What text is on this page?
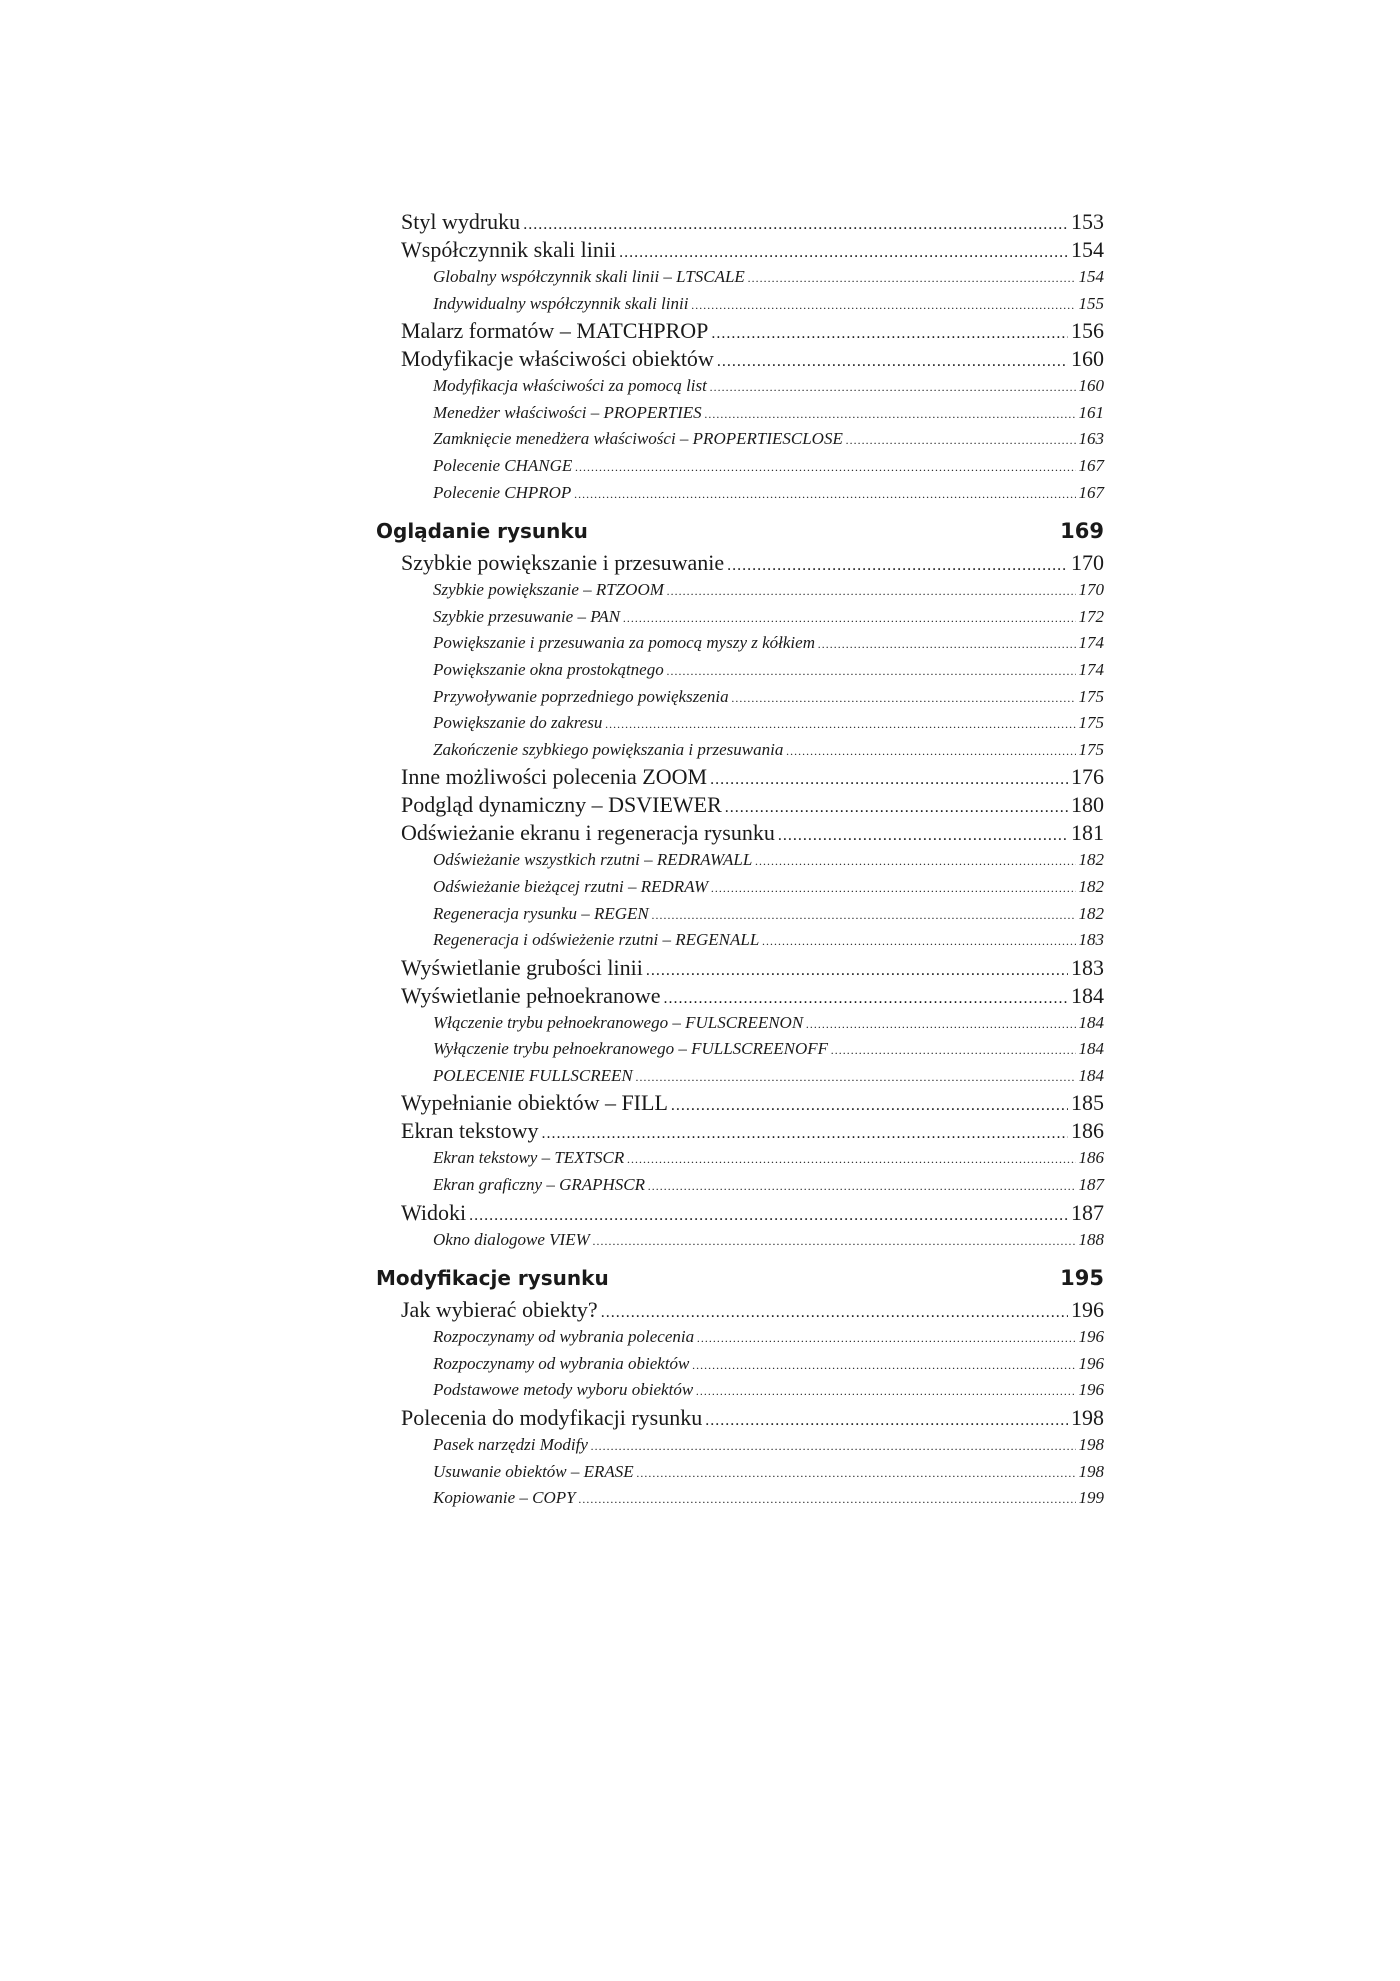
Styl wydruku .....	153
Współczynnik skali linii .....	154
Globalny współczynnik skali linii – LTSCALE .....	154
Indywidualny współczynnik skali linii .....	155
Malarz formatów – MATCHPROP .....	156
Modyfikacje właściwości obiektów .....	160
Modyfikacja właściwości za pomocą list .....	160
Menedżer właściwości – PROPERTIES .....	161
Zamknięcie menedżera właściwości – PROPERTIESCLOSE .....	163
Polecenie CHANGE .....	167
Polecenie CHPROP .....	167
Oglądanie rysunku	169
Szybkie powiększanie i przesuwanie .....	170
Szybkie powiększanie – RTZOOM .....	170
Szybkie przesuwanie – PAN .....	172
Powiększanie i przesuwania za pomocą myszy z kółkiem .....	174
Powiększanie okna prostokątnego .....	174
Przywoływanie poprzedniego powiększenia .....	175
Powiększanie do zakresu .....	175
Zakończenie szybkiego powiększania i przesuwania .....	175
Inne możliwości polecenia ZOOM .....	176
Podgląd dynamiczny – DSVIEWER .....	180
Odświeżanie ekranu i regeneracja rysunku .....	181
Odświeżanie wszystkich rzutni – REDRAWALL .....	182
Odświeżanie bieżącej rzutni – REDRAW .....	182
Regeneracja rysunku – REGEN .....	182
Regeneracja i odświeżenie rzutni – REGENALL .....	183
Wyświetlanie grubości linii .....	183
Wyświetlanie pełnoekranowe .....	184
Włączenie trybu pełnoekranowego – FULSCREENON .....	184
Wyłączenie trybu pełnoekranowego – FULLSCREENOFF .....	184
POLECENIE FULLSCREEN .....	184
Wypełnianie obiektów – FILL .....	185
Ekran tekstowy .....	186
Ekran tekstowy – TEXTSCR .....	186
Ekran graficzny – GRAPHSCR .....	187
Widoki .....	187
Okno dialogowe VIEW .....	188
Modyfikacje rysunku	195
Jak wybierać obiekty? .....	196
Rozpoczynamy od wybrania polecenia .....	196
Rozpoczynamy od wybrania obiektów .....	196
Podstawowe metody wyboru obiektów .....	196
Polecenia do modyfikacji rysunku .....	198
Pasek narzędzi Modify .....	198
Usuwanie obiektów – ERASE .....	198
Kopiowanie – COPY .....	199
